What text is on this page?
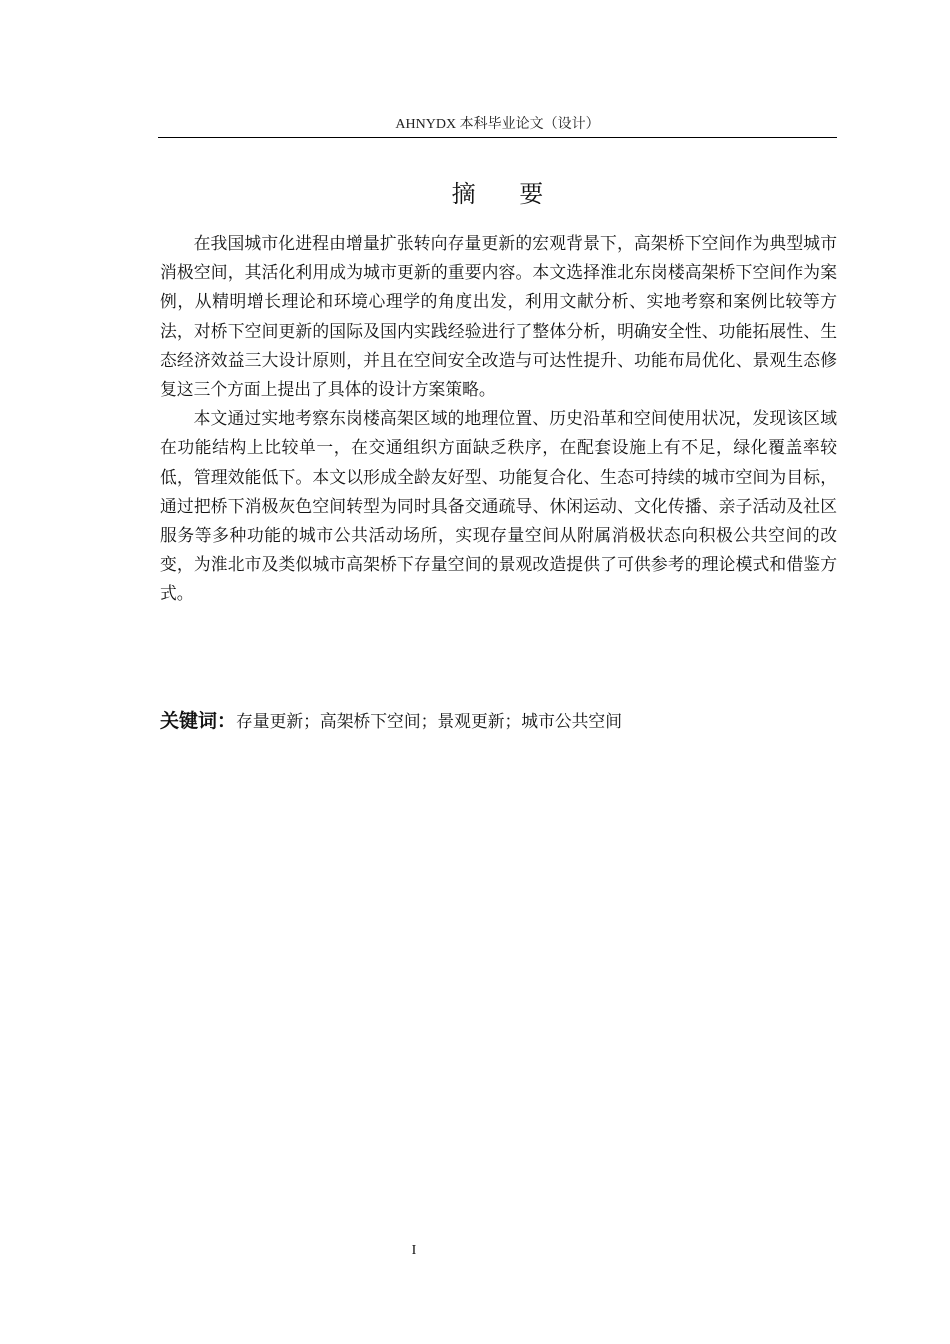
AHNYDX 本科毕业论文（设计）
摘 要

在我国城市化进程由增量扩张转向存量更新的宏观背景下，高架桥下空间作为典型城市消极空间，其活化利用成为城市更新的重要内容。本文选择淮北东岗楼高架桥下空间作为案例，从精明增长理论和环境心理学的角度出发，利用文献分析、实地考察和案例比较等方法，对桥下空间更新的国际及国内实践经验进行了整体分析，明确安全性、功能拓展性、生态经济效益三大设计原则，并且在空间安全改造与可达性提升、功能布局优化、景观生态修复这三个方面上提出了具体的设计方案策略。

本文通过实地考察东岗楼高架区域的地理位置、历史沿革和空间使用状况，发现该区域在功能结构上比较单一，在交通组织方面缺乏秩序，在配套设施上有不足，绿化覆盖率较低，管理效能低下。本文以形成全龄友好型、功能复合化、生态可持续的城市空间为目标，通过把桥下消极灰色空间转型为同时具备交通疏导、休闲运动、文化传播、亲子活动及社区服务等多种功能的城市公共活动场所，实现存量空间从附属消极状态向积极公共空间的改变，为淮北市及类似城市高架桥下存量空间的景观改造提供了可供参考的理论模式和借鉴方式。

关键词：存量更新；高架桥下空间；景观更新；城市公共空间
I
